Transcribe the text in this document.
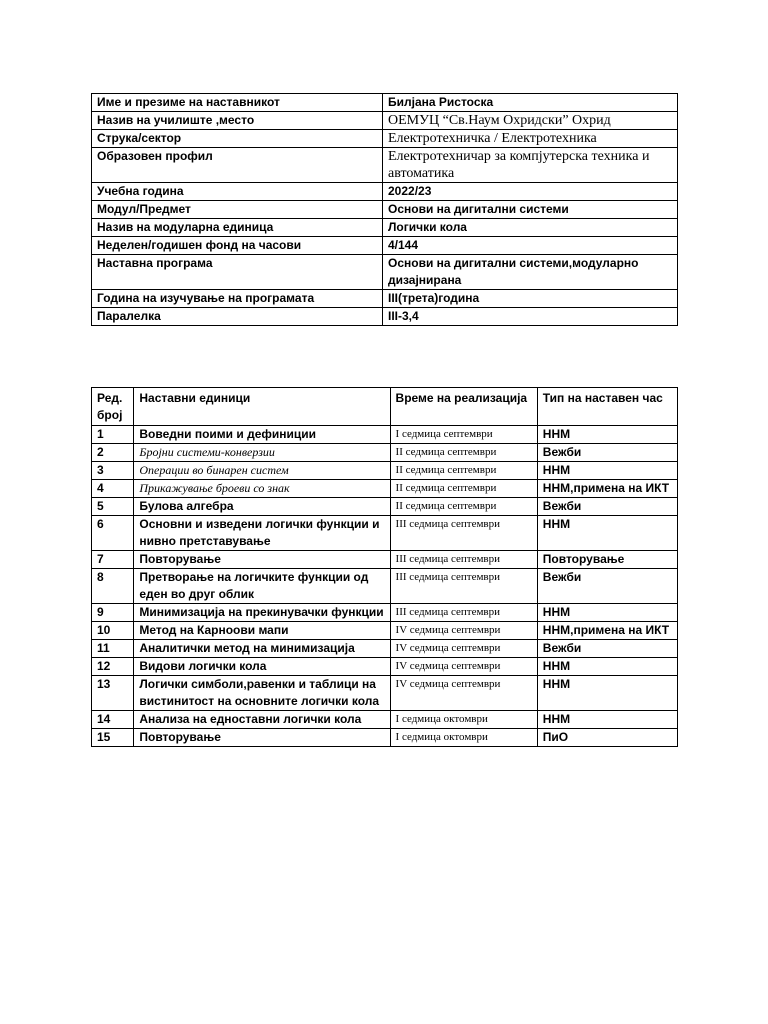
Име и презиме на наставникот	Билјана Ристоска
Назив на училиште ,место	ОЕМУЦ “Св.Наум Охридски” Охрид
Струка/сектор	Електротехничка / Електротехника
Образовен профил	Електротехничар за компјутерска техника и автоматика
Учебна година	2022/23
Модул/Предмет	Основи на дигитални системи
Назив на модуларна единица	Логички кола
Неделен/годишен фонд на часови	4/144
Наставна програма	Основи на дигитални системи,модуларно дизајнирана
Година на изучување на програмата	III(трета)година
Паралелка	III-3,4
Ред. број	Наставни единици	Време на реализација	Тип на наставен час
1	Воведни поими и дефиниции	I седмица септември	ННМ
2	Бројни системи-конверзии	II седмица септември	Вежби
3	Операции во бинарен систем	II седмица септември	ННМ
4	Прикажување броеви со знак	II седмица септември	ННМ,примена на ИКТ
5	Булова алгебра	II седмица септември	Вежби
6	Основни и изведени логички функции и нивно претставување	III седмица септември	ННМ
7	Повторување	III седмица септември	Повторување
8	Претворање на логичките функции од еден во друг облик	III седмица септември	Вежби
9	Минимизација на прекинувачки функции	III седмица септември	ННМ
10	Метод на Карноови мапи	IV седмица септември	ННМ,примена на ИКТ
11	Аналитички метод на минимизација	IV седмица септември	Вежби
12	Видови логички кола	IV седмица септември	ННМ
13	Логички симболи,равенки и таблици на вистинитост на основните логички кола	IV седмица септември	ННМ
14	Анализа на едноставни логички кола	I седмица октомври	ННМ
15	Повторување	I седмица октомври	ПиО
